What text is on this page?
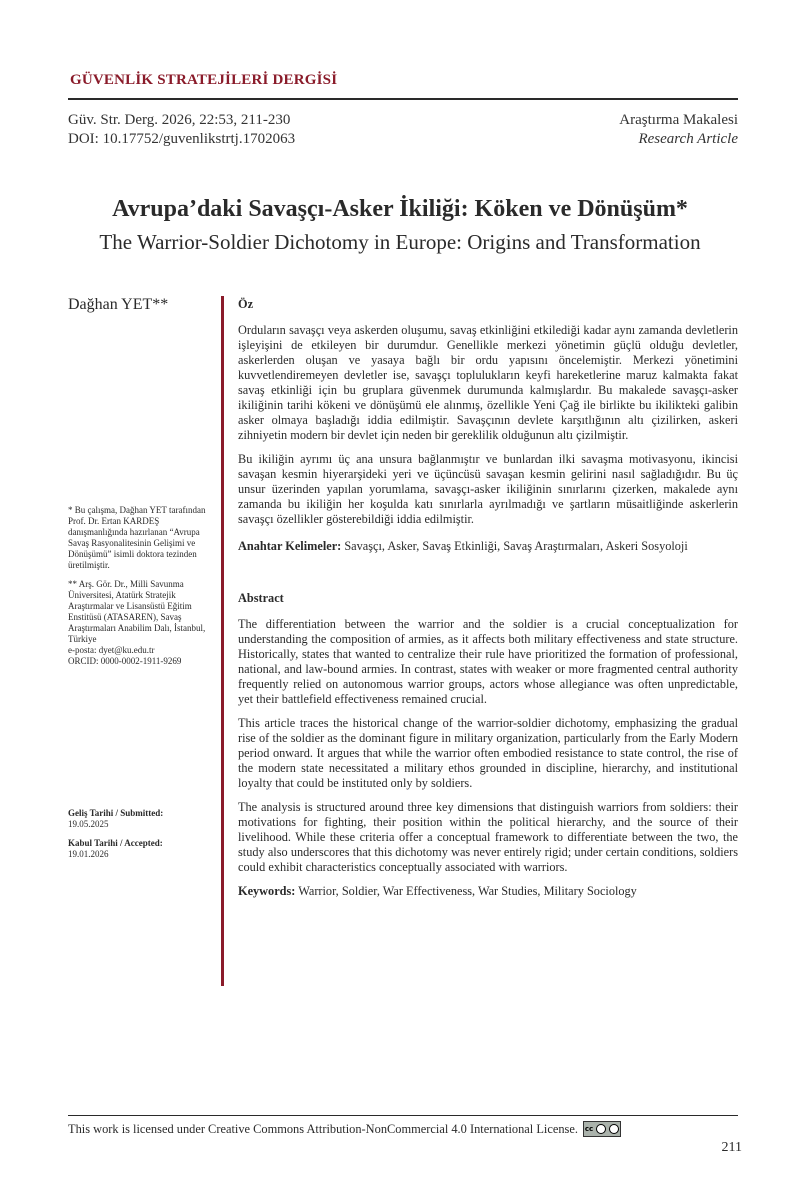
GÜVENLİK STRATEJİLERİ DERGİSİ
Güv. Str. Derg. 2026, 22:53, 211-230
DOI: 10.17752/guvenlikstrtj.1702063
Araştırma Makalesi
Research Article
Avrupa’daki Savaşçı-Asker İkiliği: Köken ve Dönüşüm*
The Warrior-Soldier Dichotomy in Europe: Origins and Transformation
Dağhan YET**
* Bu çalışma, Dağhan YET tarafından Prof. Dr. Ertan KARDEŞ danışmanlığında hazırlanan “Avrupa Savaş Rasyonalitesinin Gelişimi ve Dönüşümü” isimli doktora tezinden üretilmiştir.
** Arş. Gör. Dr., Milli Savunma Üniversitesi, Atatürk Stratejik Araştırmalar ve Lisansüstü Eğitim Enstitüsü (ATASAREN), Savaş Araştırmaları Anabilim Dalı, İstanbul, Türkiye
e-posta: dyet@ku.edu.tr
ORCID: 0000-0002-1911-9269
Geliş Tarihi / Submitted:
19.05.2025
Kabul Tarihi / Accepted:
19.01.2026

Öz

Orduların savaşçı veya askerden oluşumu, savaş etkinliğini etkilediği kadar aynı zamanda devletlerin işleyişini de etkileyen bir durumdur. Genellikle merkezi yönetimin güçlü olduğu devletler, askerlerden oluşan ve yasaya bağlı bir ordu yapısını öncelemiştir. Merkezi yönetimini kuvvetlendiremeyen devletler ise, savaşçı toplulukların keyfi hareketlerine maruz kalmakta fakat savaş etkinliği için bu gruplara güvenmek durumunda kalmışlardır. Bu makalede savaşçı-asker ikiliğinin tarihi kökeni ve dönüşümü ele alınmış, özellikle Yeni Çağ ile birlikte bu ikilikteki galibin asker olmaya başladığı iddia edilmiştir. Savaşçının devlete karşıtlığının altı çizilirken, askeri zihniyetin modern bir devlet için neden bir gereklilik olduğunun altı çizilmiştir.

Bu ikiliğin ayrımı üç ana unsura bağlanmıştır ve bunlardan ilki savaşma motivasyonu, ikincisi savaşan kesmin hiyerarşideki yeri ve üçüncüsü savaşan kesmin gelirini nasıl sağladığıdır. Bu üç unsur üzerinden yapılan yorumlama, savaşçı-asker ikiliğinin sınırlarını çizerken, makalede aynı zamanda bu ikiliğin her koşulda katı sınırlarla ayrılmadığı ve şartların müsaitliğinde askerlerin savaşçı özellikler gösterebildiği iddia edilmiştir.

Anahtar Kelimeler: Savaşçı, Asker, Savaş Etkinliği, Savaş Araştırmaları, Askeri Sosyoloji

Abstract

The differentiation between the warrior and the soldier is a crucial conceptualization for understanding the composition of armies, as it affects both military effectiveness and state structure. Historically, states that wanted to centralize their rule have prioritized the formation of professional, national, and law-bound armies. In contrast, states with weaker or more fragmented central authority frequently relied on autonomous warrior groups, actors whose allegiance was often unpredictable, yet their battlefield effectiveness remained crucial.

This article traces the historical change of the warrior-soldier dichotomy, emphasizing the gradual rise of the soldier as the dominant figure in military organization, particularly from the Early Modern period onward. It argues that while the warrior often embodied resistance to state control, the rise of the modern state necessitated a military ethos grounded in discipline, hierarchy, and institutional loyalty that could be instituted only by soldiers.

The analysis is structured around three key dimensions that distinguish warriors from soldiers: their motivations for fighting, their position within the political hierarchy, and the source of their livelihood. While these criteria offer a conceptual framework to differentiate between the two, the study also underscores that this dichotomy was never entirely rigid; under certain conditions, soldiers could exhibit characteristics conceptually associated with warriors.

Keywords: Warrior, Soldier, War Effectiveness, War Studies, Military Sociology

This work is licensed under Creative Commons Attribution-NonCommercial 4.0 International License. cc
211
